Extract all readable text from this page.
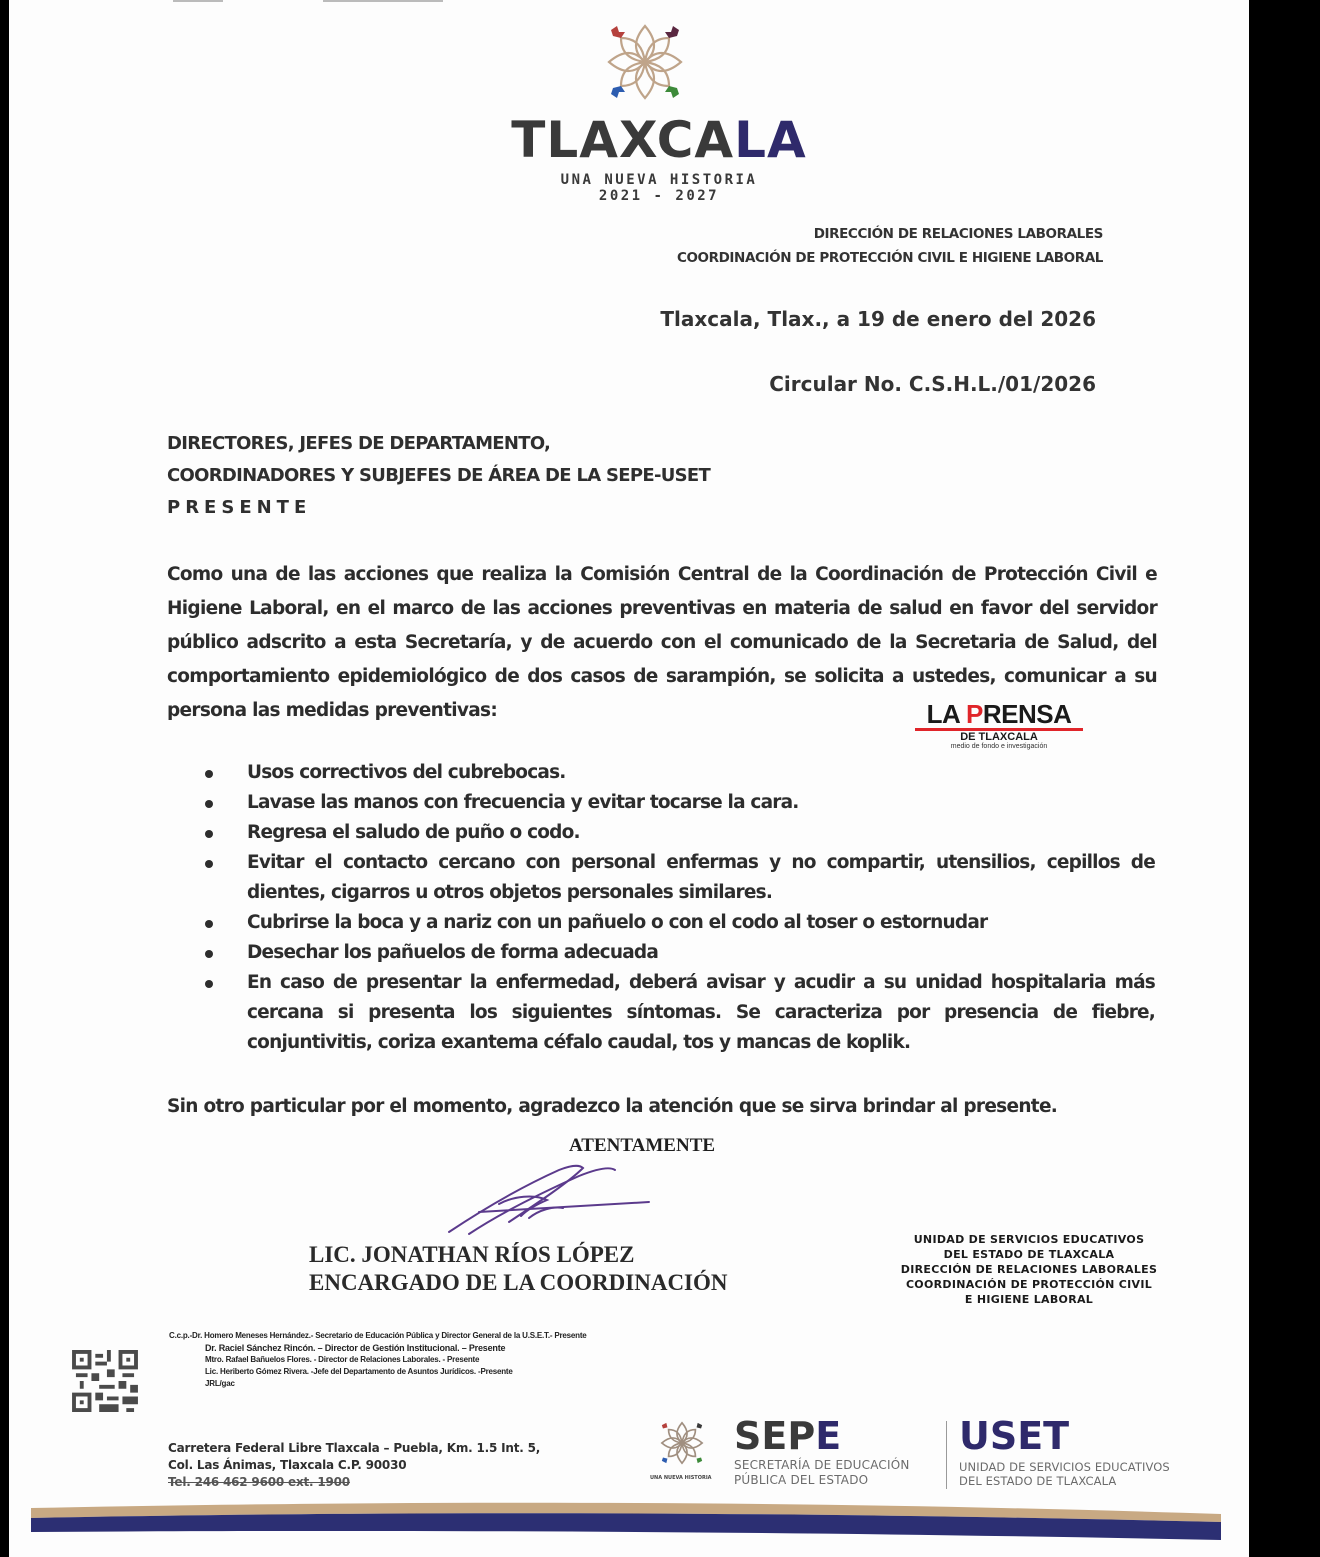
TLAXCALA
UNA NUEVA HISTORIA
2021 - 2027
DIRECCIÓN DE RELACIONES LABORALES
COORDINACIÓN DE PROTECCIÓN CIVIL E HIGIENE LABORAL
Tlaxcala, Tlax., a 19 de enero del 2026
Circular No. C.S.H.L./01/2026
DIRECTORES, JEFES DE DEPARTAMENTO,
COORDINADORES Y SUBJEFES DE ÁREA DE LA SEPE-USET
PRESENTE
Como una de las acciones que realiza la Comisión Central de la Coordinación de Protección Civil e Higiene Laboral, en el marco de las acciones preventivas en materia de salud en favor del servidor público adscrito a esta Secretaría, y de acuerdo con el comunicado de la Secretaria de Salud, del comportamiento epidemiológico de dos casos de sarampión, se solicita a ustedes, comunicar a su persona las medidas preventivas:	LA PRENSA
DE TLAXCALA
medio de fondo e investigación
Usos correctivos del cubrebocas.
Lavase las manos con frecuencia y evitar tocarse la cara.
Regresa el saludo de puño o codo.
Evitar el contacto cercano con personal enfermas y no compartir, utensilios, cepillos de dientes, cigarros u otros objetos personales similares.
Cubrirse la boca y a nariz con un pañuelo o con el codo al toser o estornudar
Desechar los pañuelos de forma adecuada
En caso de presentar la enfermedad, deberá avisar y acudir a su unidad hospitalaria más cercana si presenta los siguientes síntomas. Se caracteriza por presencia de fiebre, conjuntivitis, coriza exantema céfalo caudal, tos y mancas de koplik.
Sin otro particular por el momento, agradezco la atención que se sirva brindar al presente.
ATENTAMENTE
LIC. JONATHAN RÍOS LÓPEZ
ENCARGADO DE LA COORDINACIÓN
UNIDAD DE SERVICIOS EDUCATIVOS
DEL ESTADO DE TLAXCALA
DIRECCIÓN DE RELACIONES LABORALES
COORDINACIÓN DE PROTECCIÓN CIVIL
E HIGIENE LABORAL
C.c.p.-Dr. Homero Meneses Hernández.- Secretario de Educación Pública y Director General de la U.S.E.T.- Presente
Dr. Raciel Sánchez Rincón. – Director de Gestión Institucional. – Presente
Mtro. Rafael Bañuelos Flores. - Director de Relaciones Laborales. - Presente
Lic. Heriberto Gómez Rivera. -Jefe del Departamento de Asuntos Jurídicos. -Presente
JRL/gac
Carretera Federal Libre Tlaxcala – Puebla, Km. 1.5 Int. 5,
Col. Las Ánimas, Tlaxcala C.P. 90030
Tel. 246 462 9600 ext. 1900	UNA NUEVA HISTORIA
SEPE
SECRETARÍA DE EDUCACIÓN
PÚBLICA DEL ESTADO
USET
UNIDAD DE SERVICIOS EDUCATIVOS
DEL ESTADO DE TLAXCALA
